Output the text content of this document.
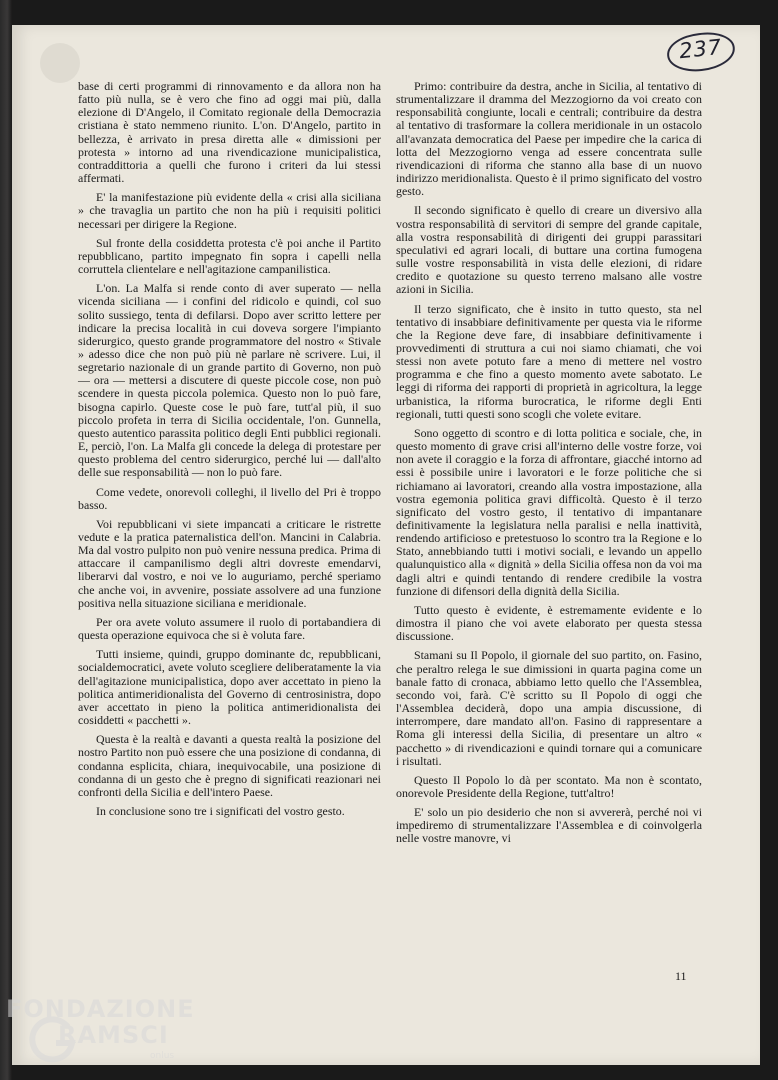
237

base di certi programmi di rinnovamento e da allora non ha fatto più nulla, se è vero che fino ad oggi mai più, dalla elezione di D'Angelo, il Comitato regionale della Democrazia cristiana è stato nemmeno riunito. L'on. D'Angelo, partito in bellezza, è arrivato in presa diretta alle « dimissioni per protesta » intorno ad una rivendicazione municipalistica, contraddittoria a quelli che furono i criteri da lui stessi affermati.

E' la manifestazione più evidente della « crisi alla siciliana » che travaglia un partito che non ha più i requisiti politici necessari per dirigere la Regione.

Sul fronte della cosiddetta protesta c'è poi anche il Partito repubblicano, partito impegnato fin sopra i capelli nella corruttela clientelare e nell'agitazione campanilistica.

L'on. La Malfa si rende conto di aver superato — nella vicenda siciliana — i confini del ridicolo e quindi, col suo solito sussiego, tenta di defilarsi. Dopo aver scritto lettere per indicare la precisa località in cui doveva sorgere l'impianto siderurgico, questo grande programmatore del nostro « Stivale » adesso dice che non può più nè parlare nè scrivere. Lui, il segretario nazionale di un grande partito di Governo, non può — ora — mettersi a discutere di queste piccole cose, non può scendere in questa piccola polemica. Questo non lo può fare, bisogna capirlo. Queste cose le può fare, tutt'al più, il suo piccolo profeta in terra di Sicilia occidentale, l'on. Gunnella, questo autentico parassita politico degli Enti pubblici regionali. E, perciò, l'on. La Malfa gli concede la delega di protestare per questo problema del centro siderurgico, perché lui — dall'alto delle sue responsabilità — non lo può fare.

Come vedete, onorevoli colleghi, il livello del Pri è troppo basso.

Voi repubblicani vi siete impancati a criticare le ristrette vedute e la pratica paternalistica dell'on. Mancini in Calabria. Ma dal vostro pulpito non può venire nessuna predica. Prima di attaccare il campanilismo degli altri dovreste emendarvi, liberarvi dal vostro, e noi ve lo auguriamo, perché speriamo che anche voi, in avvenire, possiate assolvere ad una funzione positiva nella situazione siciliana e meridionale.

Per ora avete voluto assumere il ruolo di portabandiera di questa operazione equivoca che si è voluta fare.

Tutti insieme, quindi, gruppo dominante dc, repubblicani, socialdemocratici, avete voluto scegliere deliberatamente la via dell'agitazione municipalistica, dopo aver accettato in pieno la politica antimeridionalista del Governo di centrosinistra, dopo aver accettato in pieno la politica antimeridionalista dei cosiddetti « pacchetti ».

Questa è la realtà e davanti a questa realtà la posizione del nostro Partito non può essere che una posizione di condanna, di condanna esplicita, chiara, inequivocabile, una posizione di condanna di un gesto che è pregno di significati reazionari nei confronti della Sicilia e dell'intero Paese.

In conclusione sono tre i significati del vostro gesto.

Primo: contribuire da destra, anche in Sicilia, al tentativo di strumentalizzare il dramma del Mezzogiorno da voi creato con responsabilità congiunte, locali e centrali; contribuire da destra al tentativo di trasformare la collera meridionale in un ostacolo all'avanzata democratica del Paese per impedire che la carica di lotta del Mezzogiorno venga ad essere concentrata sulle rivendicazioni di riforma che stanno alla base di un nuovo indirizzo meridionalista. Questo è il primo significato del vostro gesto.

Il secondo significato è quello di creare un diversivo alla vostra responsabilità di servitori di sempre del grande capitale, alla vostra responsabilità di dirigenti dei gruppi parassitari speculativi ed agrari locali, di buttare una cortina fumogena sulle vostre responsabilità in vista delle elezioni, di ridare credito e quotazione su questo terreno malsano alle vostre azioni in Sicilia.

Il terzo significato, che è insito in tutto questo, sta nel tentativo di insabbiare definitivamente per questa via le riforme che la Regione deve fare, di insabbiare definitivamente i provvedimenti di struttura a cui noi siamo chiamati, che voi stessi non avete potuto fare a meno di mettere nel vostro programma e che fino a questo momento avete sabotato. Le leggi di riforma dei rapporti di proprietà in agricoltura, la legge urbanistica, la riforma burocratica, le riforme degli Enti regionali, tutti questi sono scogli che volete evitare.

Sono oggetto di scontro e di lotta politica e sociale, che, in questo momento di grave crisi all'interno delle vostre forze, voi non avete il coraggio e la forza di affrontare, giacché intorno ad essi è possibile unire i lavoratori e le forze politiche che si richiamano ai lavoratori, creando alla vostra impostazione, alla vostra egemonia politica gravi difficoltà. Questo è il terzo significato del vostro gesto, il tentativo di impantanare definitivamente la legislatura nella paralisi e nella inattività, rendendo artificioso e pretestuoso lo scontro tra la Regione e lo Stato, annebbiando tutti i motivi sociali, e levando un appello qualunquistico alla « dignità » della Sicilia offesa non da voi ma dagli altri e quindi tentando di rendere credibile la vostra funzione di difensori della dignità della Sicilia.

Tutto questo è evidente, è estremamente evidente e lo dimostra il piano che voi avete elaborato per questa stessa discussione.

Stamani su Il Popolo, il giornale del suo partito, on. Fasino, che peraltro relega le sue dimissioni in quarta pagina come un banale fatto di cronaca, abbiamo letto quello che l'Assemblea, secondo voi, farà. C'è scritto su Il Popolo di oggi che l'Assemblea deciderà, dopo una ampia discussione, di interrompere, dare mandato all'on. Fasino di rappresentare a Roma gli interessi della Sicilia, di presentare un altro « pacchetto » di rivendicazioni e quindi tornare qui a comunicare i risultati.

Questo Il Popolo lo dà per scontato. Ma non è scontato, onorevole Presidente della Regione, tutt'altro!

E' solo un pio desiderio che non si avvererà, perché noi vi impediremo di strumentalizzare l'Assemblea e di coinvolgerla nelle vostre manovre, vi

11
FONDAZIONE
RAMSCI
onlus
